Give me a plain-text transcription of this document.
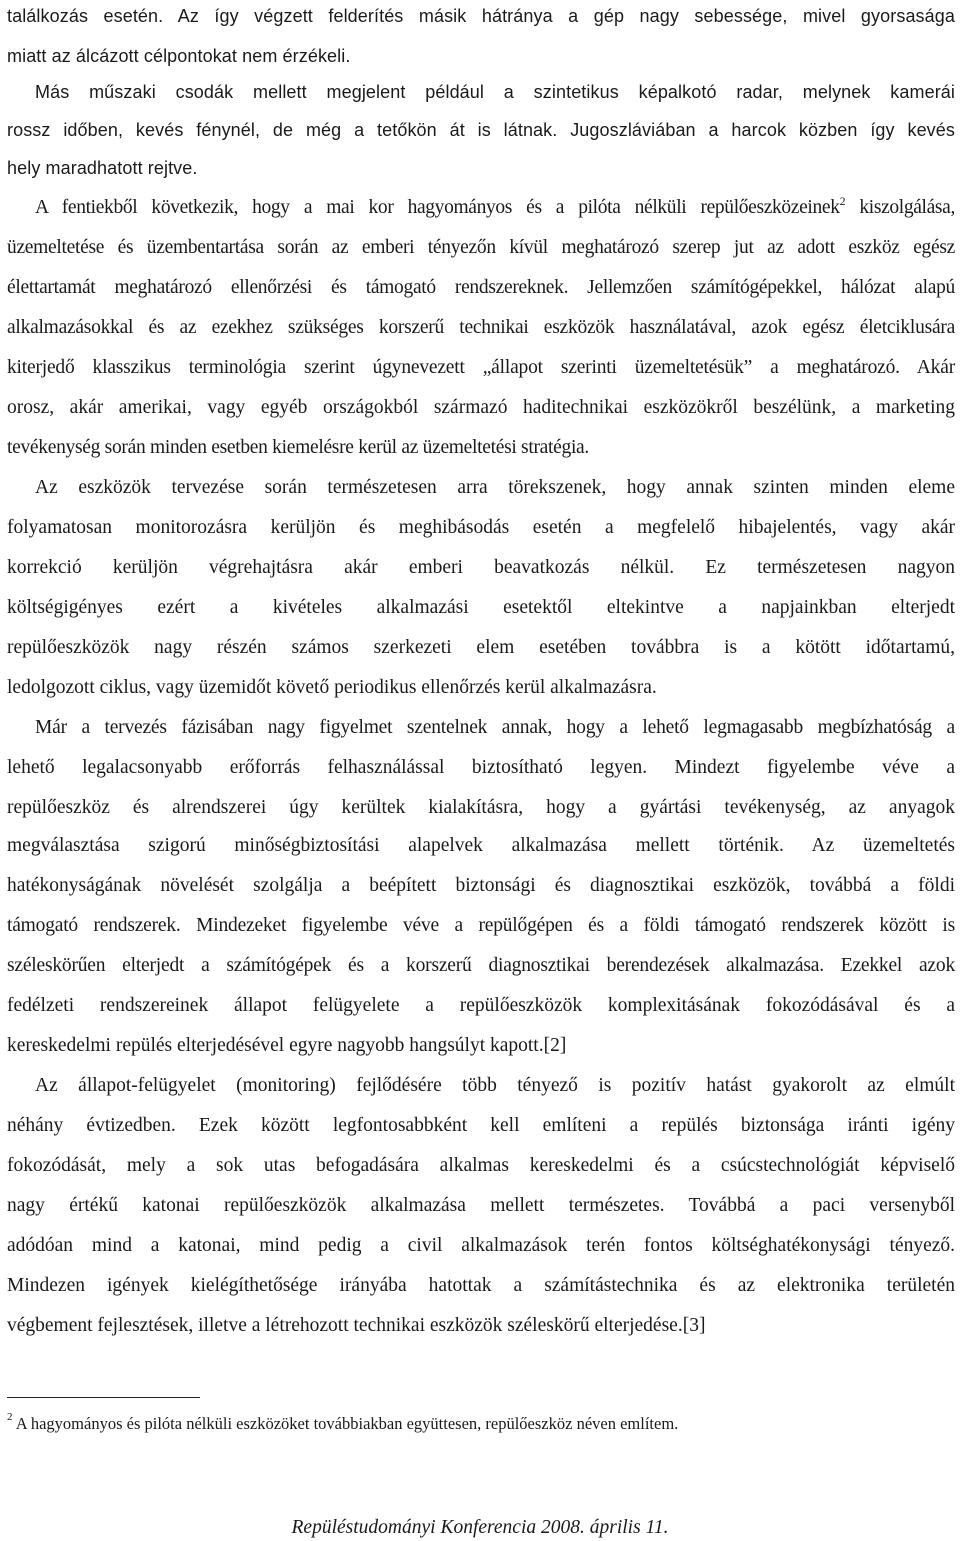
találkozás esetén. Az így végzett felderítés másik hátránya a gép nagy sebessége, mivel gyorsasága
miatt az álcázott célpontokat nem érzékeli.
Más műszaki csodák mellett megjelent például a szintetikus képalkotó radar, melynek kamerái
rossz időben, kevés fénynél, de még a tetőkön át is látnak. Jugoszláviában a harcok közben így kevés
hely maradhatott rejtve.
A fentiekből következik, hogy a mai kor hagyományos és a pilóta nélküli repülőeszközeinek$^2$ kiszolgálása,
üzemeltetése és üzembentartása során az emberi tényezőn kívül meghatározó szerep jut az adott eszköz egész
élettartamát meghatározó ellenőrzési és támogató rendszereknek. Jellemzően számítógépekkel, hálózat alapú
alkalmazásokkal és az ezekhez szükséges korszerű technikai eszközök használatával, azok egész életciklusára
kiterjedő klasszikus terminológia szerint úgynevezett „állapot szerinti üzemeltetésük” a meghatározó. Akár
orosz, akár amerikai, vagy egyéb országokból származó haditechnikai eszközökről beszélünk, a marketing
tevékenység során minden esetben kiemelésre kerül az üzemeltetési stratégia.
Az eszközök tervezése során természetesen arra törekszenek, hogy annak szinten minden eleme
folyamatosan monitorozásra kerüljön és meghibásodás esetén a megfelelő hibajelentés, vagy akár
korrekció kerüljön végrehajtásra akár emberi beavatkozás nélkül. Ez természetesen nagyon
költségigényes ezért a kivételes alkalmazási esetektől eltekintve a napjainkban elterjedt
repülőeszközök nagy részén számos szerkezeti elem esetében továbbra is a kötött időtartamú,
ledolgozott ciklus, vagy üzemidőt követő periodikus ellenőrzés kerül alkalmazásra.
Már a tervezés fázisában nagy figyelmet szentelnek annak, hogy a lehető legmagasabb megbízhatóság a
lehető legalacsonyabb erőforrás felhasználással biztosítható legyen. Mindezt figyelembe véve a
repülőeszköz és alrendszerei úgy kerültek kialakításra, hogy a gyártási tevékenység, az anyagok
megválasztása szigorú minőségbiztosítási alapelvek alkalmazása mellett történik. Az üzemeltetés
hatékonyságának növelését szolgálja a beépített biztonsági és diagnosztikai eszközök, továbbá a földi
támogató rendszerek. Mindezeket figyelembe véve a repülőgépen és a földi támogató rendszerek között is
széleskörűen elterjedt a számítógépek és a korszerű diagnosztikai berendezések alkalmazása. Ezekkel azok
fedélzeti rendszereinek állapot felügyelete a repülőeszközök komplexitásának fokozódásával és a
kereskedelmi repülés elterjedésével egyre nagyobb hangsúlyt kapott.[2]
Az állapot-felügyelet (monitoring) fejlődésére több tényező is pozitív hatást gyakorolt az elmúlt
néhány évtizedben. Ezek között legfontosabbként kell említeni a repülés biztonsága iránti igény
fokozódását, mely a sok utas befogadására alkalmas kereskedelmi és a csúcstechnológiát képviselő
nagy értékű katonai repülőeszközök alkalmazása mellett természetes. Továbbá a paci versenyből
adódóan mind a katonai, mind pedig a civil alkalmazások terén fontos költséghatékonysági tényező.
Mindezen igények kielégíthetősége irányába hatottak a számítástechnika és az elektronika területén
végbement fejlesztések, illetve a létrehozott technikai eszközök széleskörű elterjedése.[3]
$^2$ A hagyományos és pilóta nélküli eszközöket továbbiakban együttesen, repülőeszköz néven említem.
Repüléstudományi Konferencia 2008. április 11.
